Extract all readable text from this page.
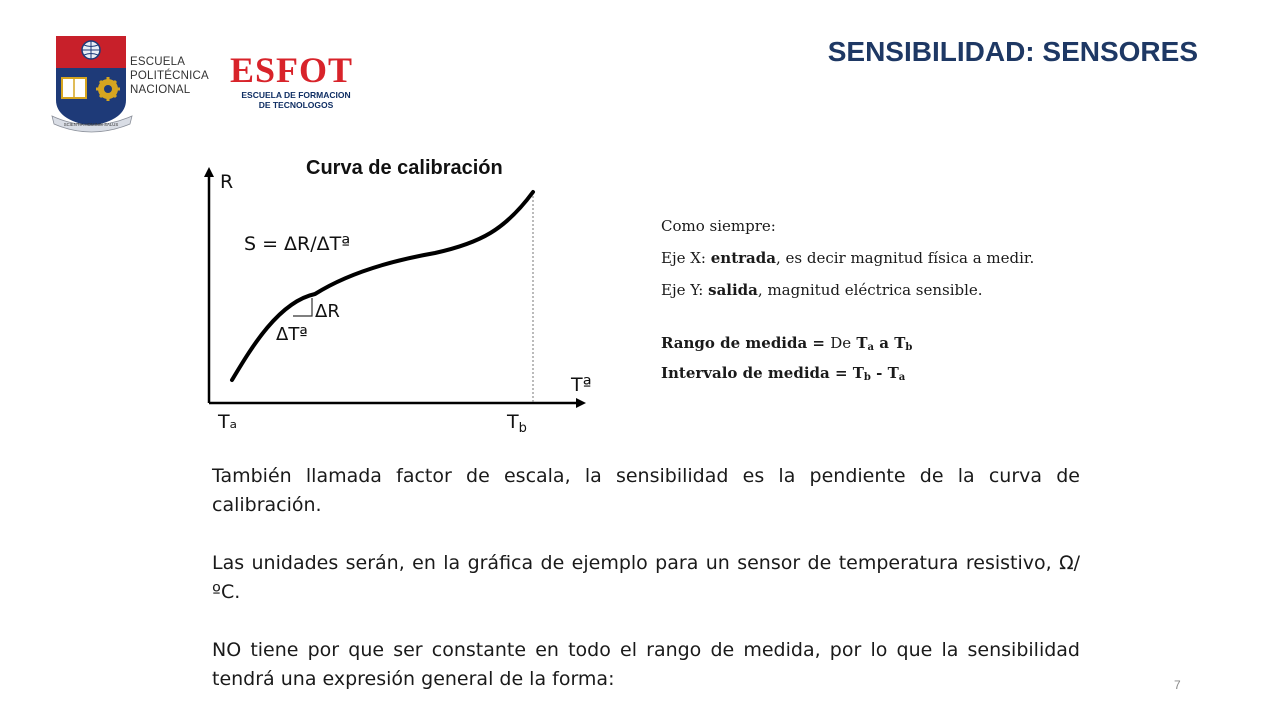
SCIENTIA HOMINIS SALUS
ESCUELA
POLITÉCNICA
NACIONAL	ESFOT
ESCUELA DE FORMACION
DE TECNOLOGOS
SENSIBILIDAD: SENSORES
Curva de calibración
R
Tª
S = ΔR/ΔTª
ΔR
ΔTª
Tₐ	$T_b$

Como siempre:

Eje X: entrada, es decir magnitud física a medir.

Eje Y: salida, magnitud eléctrica sensible.

Rango de medida = De $T_a$ a $T_b$

Intervalo de medida = $T_b - T_a$

También llamada factor de escala, la sensibilidad es la pendiente de la curva de calibración.

Las unidades serán, en la gráfica de ejemplo para un sensor de temperatura resistivo, Ω/ºC.

NO tiene por que ser constante en todo el rango de medida, por lo que la sensibilidad tendrá una expresión general de la forma:	7
